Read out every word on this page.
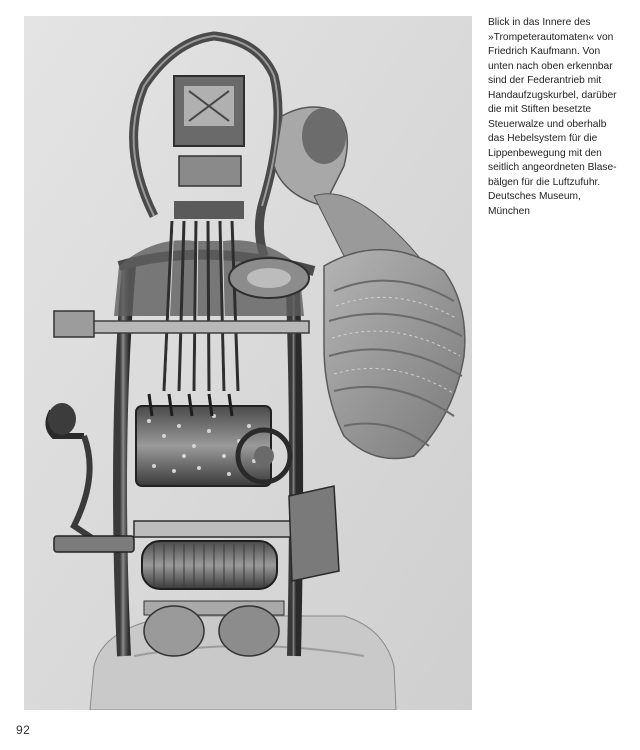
Blick in das Innere des
»Trompeterautomaten« von
Friedrich Kaufmann. Von
unten nach oben erkennbar
sind der Federantrieb mit
Handaufzugskurbel, darüber
die mit Stiften besetzte
Steuerwalze und oberhalb
das Hebelsystem für die
Lippenbewegung mit den
seitlich angeordneten Blase-
bälgen für die Luftzufuhr.
Deutsches Museum,
München

92
